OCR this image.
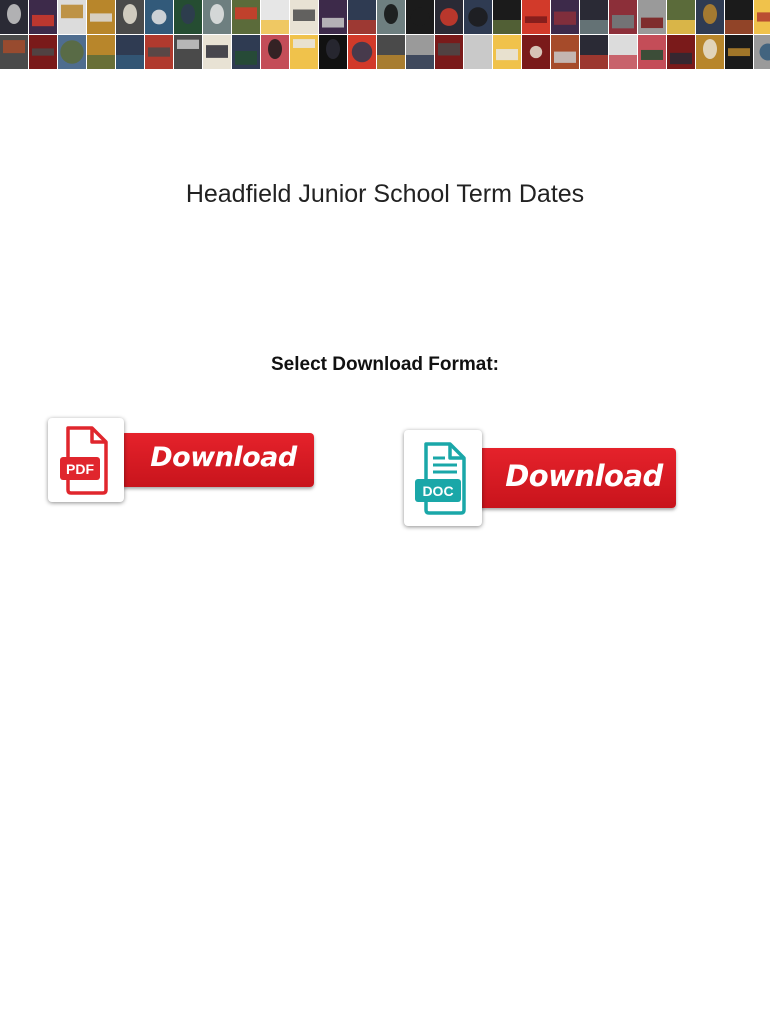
Headfield Junior School Term Dates
Select Download Format:
Download
PDF	Download
DOC
